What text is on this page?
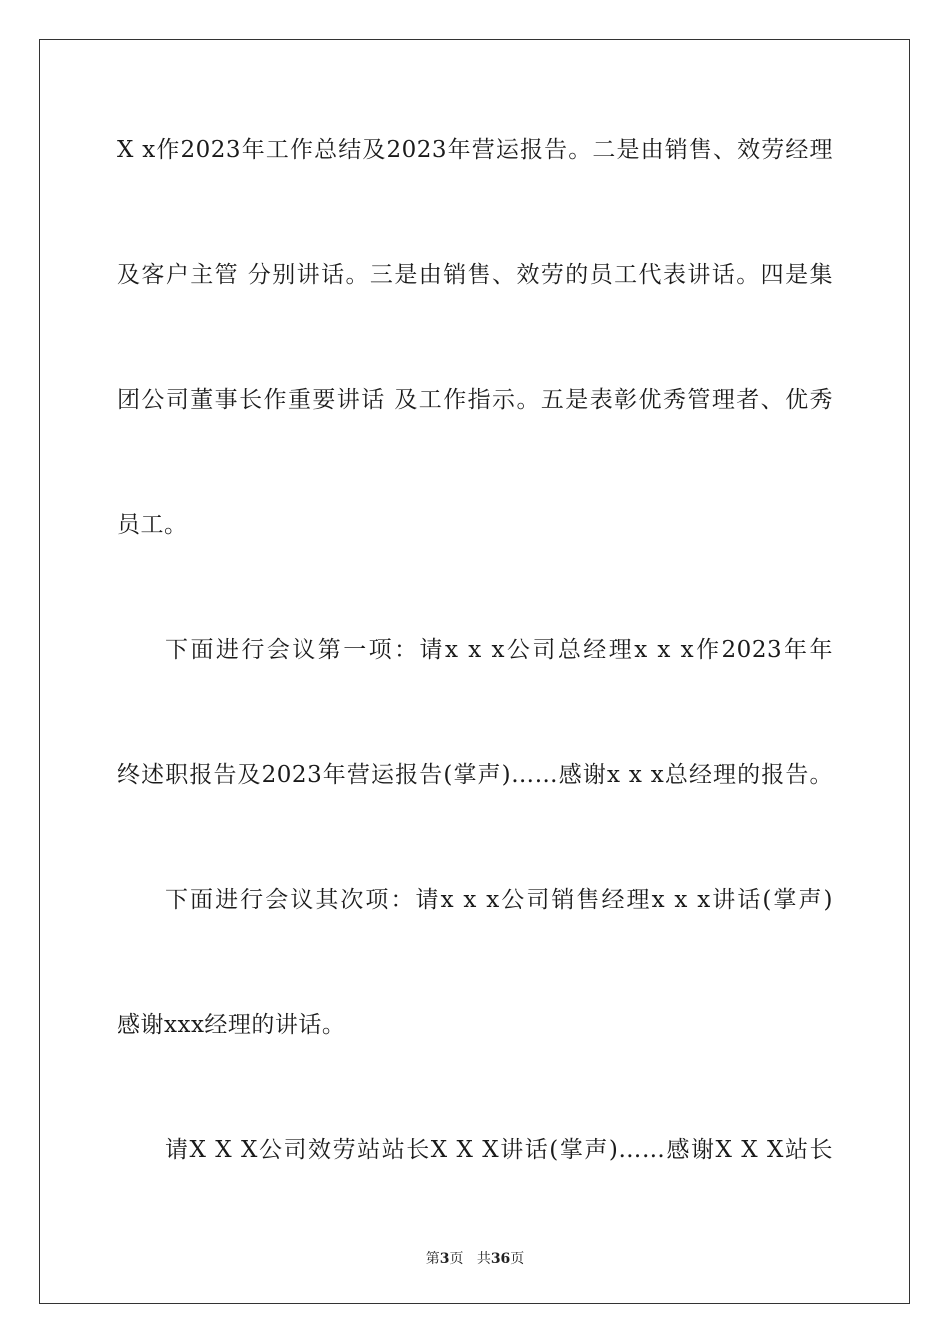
X x作2023年工作总结及2023年营运报告。二是由销售、效劳经理
及客户主管 分别讲话。三是由销售、效劳的员工代表讲话。四是集
团公司董事长作重要讲话 及工作指示。五是表彰优秀管理者、优秀
员工。
下面进行会议第一项：请x x x公司总经理x x x作2023年年
终述职报告及2023年营运报告(掌声)……感谢x x x总经理的报告。
下面进行会议其次项：请x x x公司销售经理x x x讲话(掌声)
感谢xxx经理的讲话。
请X X X公司效劳站站长X X X讲话(掌声)……感谢X X X站长
第3页 共36页
